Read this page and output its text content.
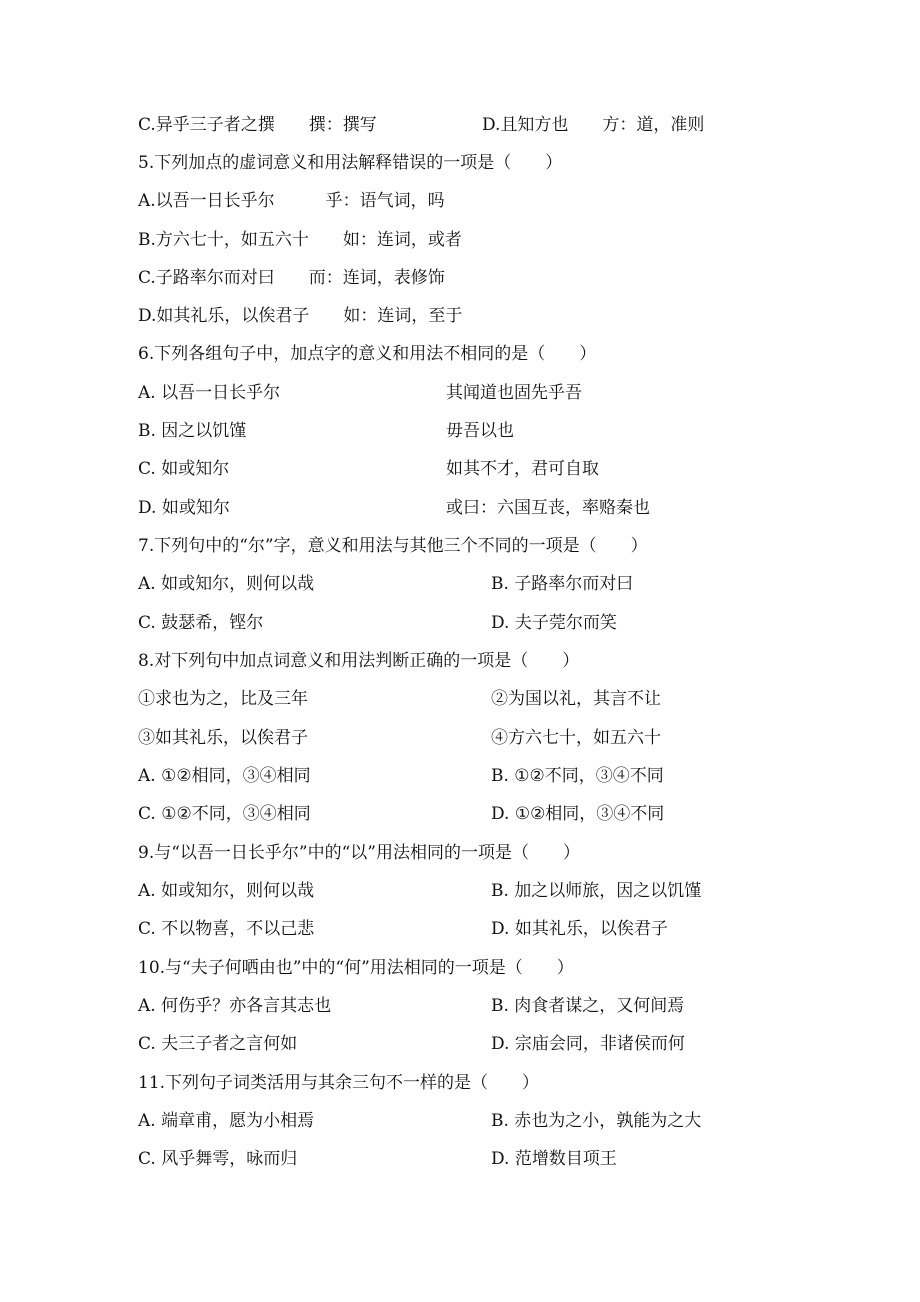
C.异乎三子者之撰　　撰：撰写	D.且知方也　　方：道，准则
5.下列加点的虚词意义和用法解释错误的一项是（　　）
A.以吾一日长乎尔　　　乎：语气词，吗
B.方六七十，如五六十　　如：连词，或者
C.子路率尔而对曰　　而：连词，表修饰
D.如其礼乐，以俟君子　　如：连词，至于
6.下列各组句子中，加点字的意义和用法不相同的是（　　）
A. 以吾一日长乎尔	其闻道也固先乎吾
B. 因之以饥馑	毋吾以也
C. 如或知尔	如其不才，君可自取
D. 如或知尔	或曰：六国互丧，率赂秦也
7.下列句中的“尔”字，意义和用法与其他三个不同的一项是（　　）
A. 如或知尔，则何以哉	B. 子路率尔而对曰
C. 鼓瑟希，铿尔	D. 夫子莞尔而笑
8.对下列句中加点词意义和用法判断正确的一项是（　　）
①求也为之，比及三年	②为国以礼，其言不让
③如其礼乐，以俟君子	④方六七十，如五六十
A. ①②相同，③④相同	B. ①②不同，③④不同
C. ①②不同，③④相同	D. ①②相同，③④不同
9.与“以吾一日长乎尔”中的“以”用法相同的一项是（　　）
A. 如或知尔，则何以哉	B. 加之以师旅，因之以饥馑
C. 不以物喜，不以己悲	D. 如其礼乐，以俟君子
10.与“夫子何哂由也”中的“何”用法相同的一项是（　　）
A. 何伤乎？亦各言其志也	B. 肉食者谋之，又何间焉
C. 夫三子者之言何如	D. 宗庙会同，非诸侯而何
11.下列句子词类活用与其余三句不一样的是（　　）
A. 端章甫，愿为小相焉	B. 赤也为之小，孰能为之大
C. 风乎舞雩，咏而归	D. 范增数目项王
